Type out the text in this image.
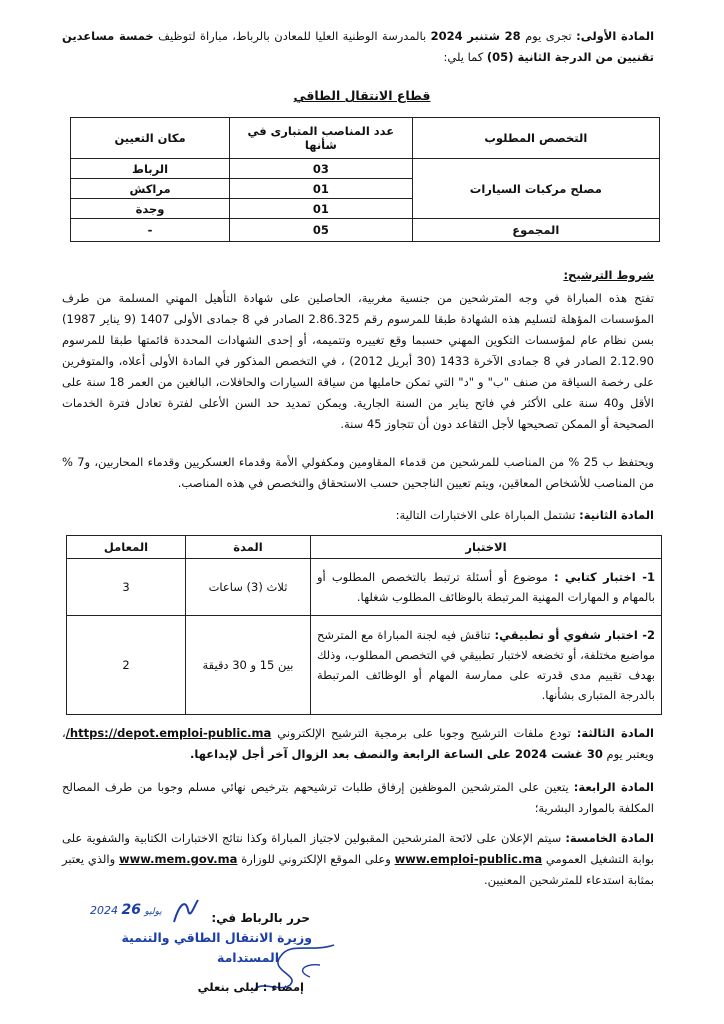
المادة الأولى: تجرى يوم 28 شتنبر 2024 بالمدرسة الوطنية العليا للمعادن بالرباط، مباراة لتوظيف خمسة مساعدين تقنيين من الدرجة الثانية (05) كما يلي:
قطاع الانتقال الطاقي
التخصص المطلوب	عدد المناصب المتبارى في شأنها	مكان التعيين
مصلح مركبات السيارات	03	الرباط
	01	مراكش
	01	وجدة
المجموع	05	-
شروط الترشيح:
تفتح هذه المباراة في وجه المترشحين من جنسية مغربية، الحاصلين على شهادة التأهيل المهني المسلمة من طرف المؤسسات المؤهلة لتسليم هذه الشهادة طبقا للمرسوم رقم 2.86.325 الصادر في 8 جمادى الأولى 1407 (9 يناير 1987) بسن نظام عام لمؤسسات التكوين المهني حسبما وقع تغييره وتتميمه، أو إحدى الشهادات المحددة قائمتها طبقا للمرسوم 2.12.90 الصادر في 8 جمادى الآخرة 1433 (30 أبريل 2012) ، في التخصص المذكور في المادة الأولى أعلاه، والمتوفرين على رخصة السياقة من صنف "ب" و "د" التي تمكن حامليها من سياقة السيارات والحافلات، البالغين من العمر 18 سنة على الأقل و40 سنة على الأكثر في فاتح يناير من السنة الجارية. ويمكن تمديد حد السن الأعلى لفترة تعادل فترة الخدمات الصحيحة أو الممكن تصحيحها لأجل التقاعد دون أن تتجاوز 45 سنة.
ويحتفظ ب 25 % من المناصب للمرشحين من قدماء المقاومين ومكفولي الأمة وقدماء العسكريين وقدماء المحاربين، و7 % من المناصب للأشخاص المعاقين، ويتم تعيين الناجحين حسب الاستحقاق والتخصص في هذه المناصب.
المادة الثانية: تشتمل المباراة على الاختبارات التالية:
الاختبار	المدة	المعامل
1- اختبار كتابي : موضوع أو أسئلة ترتبط بالتخصص المطلوب أو بالمهام و المهارات المهنية المرتبطة بالوظائف المطلوب شغلها.	ثلاث (3) ساعات	3
2- اختبار شفوي أو تطبيقي: تناقش فيه لجنة المباراة مع المترشح مواضيع مختلفة، أو تخضعه لاختبار تطبيقي في التخصص المطلوب، وذلك بهدف تقييم مدى قدرته على ممارسة المهام أو الوظائف المرتبطة بالدرجة المتبارى بشأنها.	بين 15 و 30 دقيقة	2
المادة الثالثة: تودع ملفات الترشيح وجوبا على برمجية الترشيح الإلكتروني https://depot.emploi-public.ma/، ويعتبر يوم 30 غشت 2024 على الساعة الرابعة والنصف بعد الزوال آخر أجل لإيداعها.
المادة الرابعة: يتعين على المترشحين الموظفين إرفاق طلبات ترشيحهم بترخيص نهائي مسلم وجوبا من طرف المصالح المكلفة بالموارد البشرية؛
المادة الخامسة: سيتم الإعلان على لائحة المترشحين المقبولين لاجتياز المباراة وكذا نتائج الاختبارات الكتابية والشفوية على بوابة التشغيل العمومي www.emploi-public.ma وعلى الموقع الإلكتروني للوزارة www.mem.gov.ma والذي يعتبر بمثابة استدعاء للمترشحين المعنيين.
حرر بالرباط في:
2024	يوليو 26
وزيرة الانتقال الطاقي والتنمية
المستدامة
إمضاء : ليلى بنعلي
